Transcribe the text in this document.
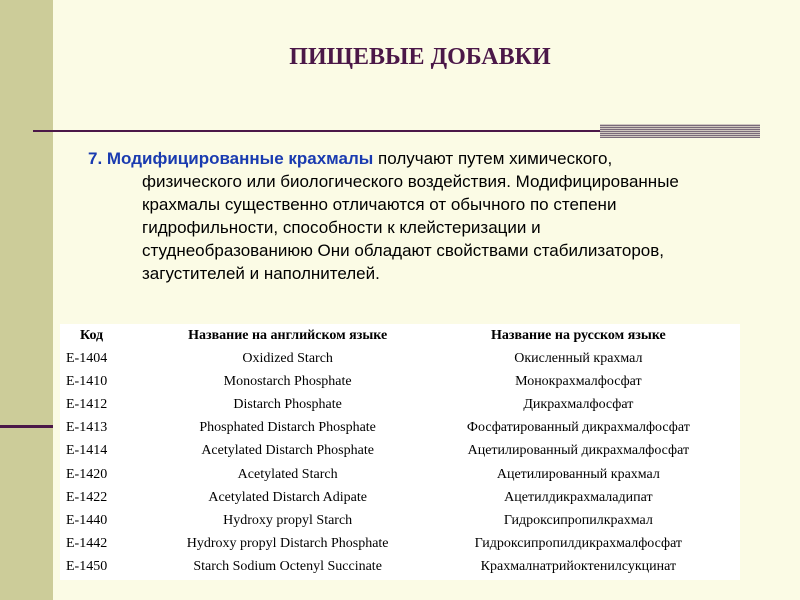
ПИЩЕВЫЕ ДОБАВКИ
7. Модифицированные крахмалы получают путем химического,
физического или биологического воздействия. Модифицированные
крахмалы существенно отличаются от обычного по степени
гидрофильности, способности к клейстеризации и
студнеобразованиюю Они обладают свойствами стабилизаторов,
загустителей и наполнителей.
Код	Название на английском языке	Название на русском языке
E-1404	Oxidized Starch	Окисленный крахмал
E-1410	Monostarch Phosphate	Монокрахмалфосфат
E-1412	Distarch Phosphate	Дикрахмалфосфат
E-1413	Phosphated Distarch Phosphate	Фосфатированный дикрахмалфосфат
E-1414	Acetylated Distarch Phosphate	Ацетилированный дикрахмалфосфат
E-1420	Acetylated Starch	Ацетилированный крахмал
E-1422	Acetylated Distarch Adipate	Ацетилдикрахмаладипат
E-1440	Hydroxy propyl Starch	Гидроксипропилкрахмал
E-1442	Hydroxy propyl Distarch Phosphate	Гидроксипропилдикрахмалфосфат
E-1450	Starch Sodium Octenyl Succinate	Крахмалнатрийоктенилсукцинат
